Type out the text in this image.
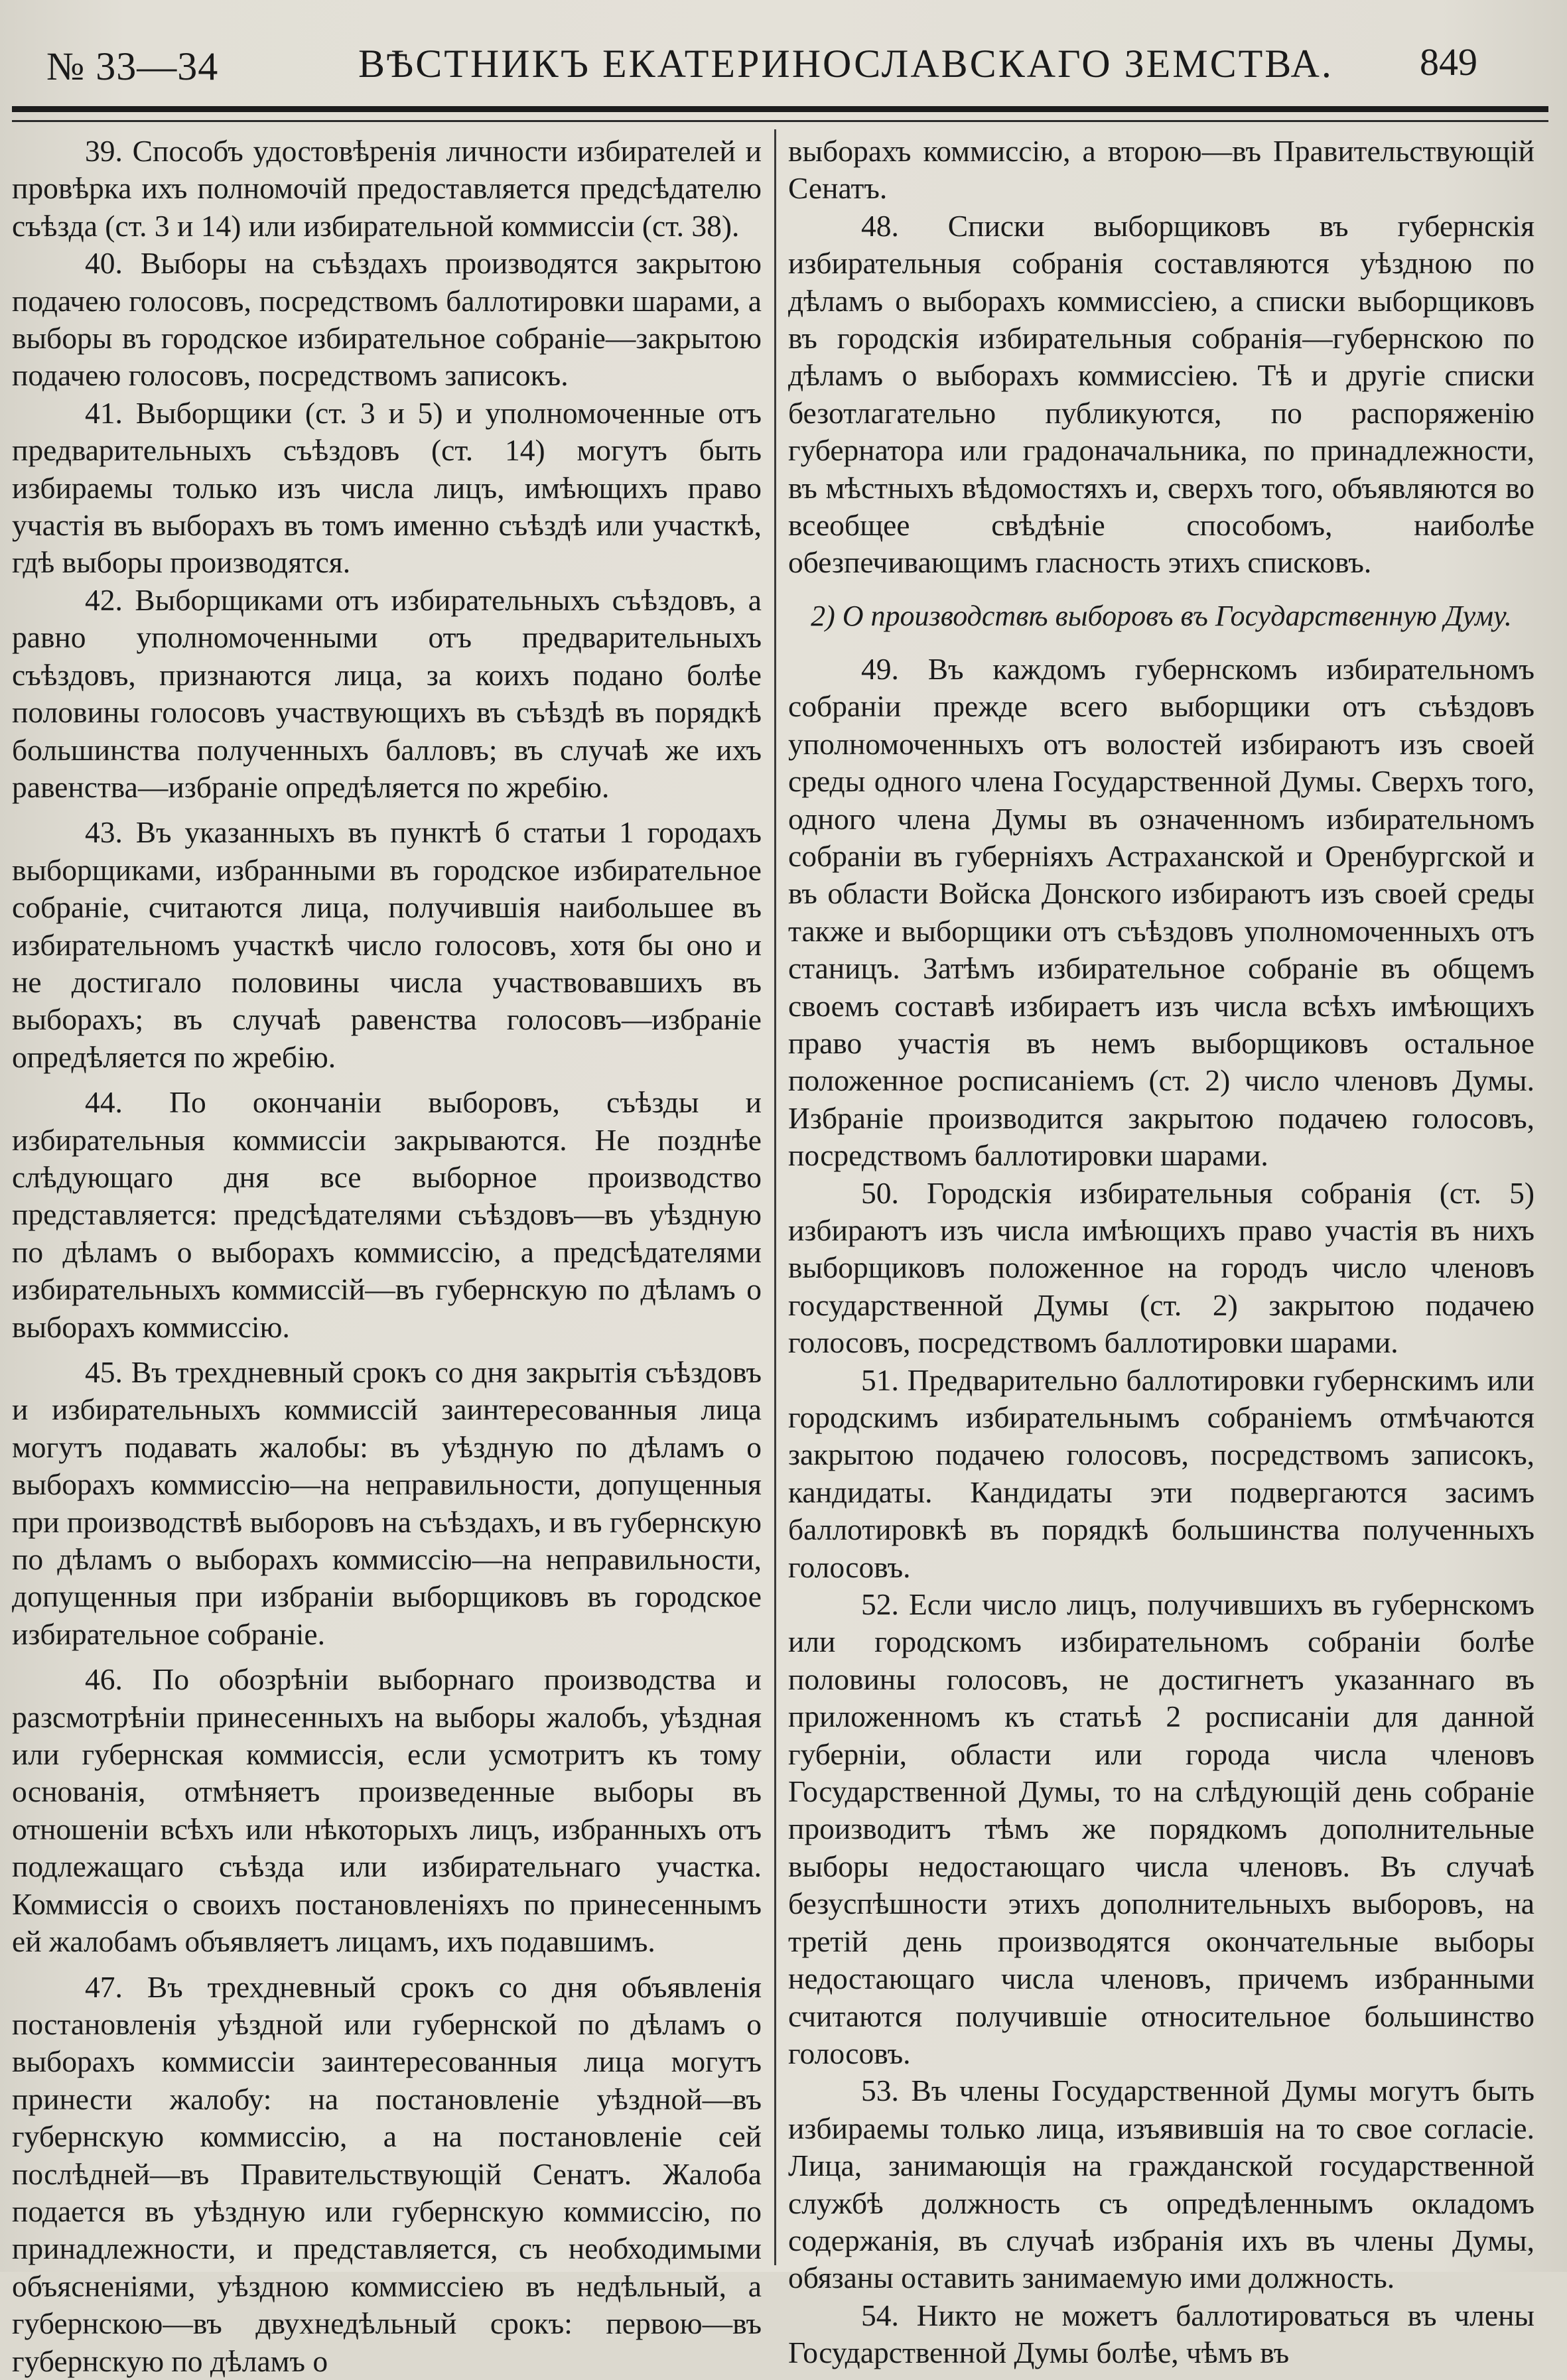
№ 33—34	ВѢСТНИКЪ ЕКАТЕРИНОСЛАВСКАГО ЗЕМСТВА. 849

39. Способъ удостовѣренія личности избирателей и провѣрка ихъ полномочій предоставляется предсѣдателю съѣзда (ст. 3 и 14) или избирательной коммиссіи (ст. 38).

40. Выборы на съѣздахъ производятся закрытою подачею голосовъ, посредствомъ баллотировки шарами, а выборы въ городское избирательное собраніе—закрытою подачею голосовъ, посредствомъ записокъ.

41. Выборщики (ст. 3 и 5) и уполномоченные отъ предварительныхъ съѣздовъ (ст. 14) могутъ быть избираемы только изъ числа лицъ, имѣющихъ право участія въ выборахъ въ томъ именно съѣздѣ или участкѣ, гдѣ выборы производятся.

42. Выборщиками отъ избирательныхъ съѣздовъ, а равно уполномоченными отъ предварительныхъ съѣздовъ, признаются лица, за коихъ подано болѣе половины голосовъ участвующихъ въ съѣздѣ въ порядкѣ большинства полученныхъ балловъ; въ случаѣ же ихъ равенства—избраніе опредѣляется по жребію.

43. Въ указанныхъ въ пунктѣ б статьи 1 городахъ выборщиками, избранными въ городское избирательное собраніе, считаются лица, получившія наибольшее въ избирательномъ участкѣ число голосовъ, хотя бы оно и не достигало половины числа участвовавшихъ въ выборахъ; въ случаѣ равенства голосовъ—избраніе опредѣляется по жребію.

44. По окончаніи выборовъ, съѣзды и избирательныя коммиссіи закрываются. Не позднѣе слѣдующаго дня все выборное производство представляется: предсѣдателями съѣздовъ—въ уѣздную по дѣламъ о выборахъ коммиссію, а предсѣдателями избирательныхъ коммиссій—въ губернскую по дѣламъ о выборахъ коммиссію.

45. Въ трехдневный срокъ со дня закрытія съѣздовъ и избирательныхъ коммиссій заинтересованныя лица могутъ подавать жалобы: въ уѣздную по дѣламъ о выборахъ коммиссію—на неправильности, допущенныя при производствѣ выборовъ на съѣздахъ, и въ губернскую по дѣламъ о выборахъ коммиссію—на неправильности, допущенныя при избраніи выборщиковъ въ городское избирательное собраніе.

46. По обозрѣніи выборнаго производства и разсмотрѣніи принесенныхъ на выборы жалобъ, уѣздная или губернская коммиссія, если усмотритъ къ тому основанія, отмѣняетъ произведенные выборы въ отношеніи всѣхъ или нѣкоторыхъ лицъ, избранныхъ отъ подлежащаго съѣзда или избирательнаго участка. Коммиссія о своихъ постановленіяхъ по принесеннымъ ей жалобамъ объявляетъ лицамъ, ихъ подавшимъ.

47. Въ трехдневный срокъ со дня объявленія постановленія уѣздной или губернской по дѣламъ о выборахъ коммиссіи заинтересованныя лица могутъ принести жалобу: на постановленіе уѣздной—въ губернскую коммиссію, а на постановленіе сей послѣдней—въ Правительствующій Сенатъ. Жалоба подается въ уѣздную или губернскую коммиссію, по принадлежности, и представляется, съ необходимыми объясненіями, уѣздною коммиссіею въ недѣльный, а губернскою—въ двухнедѣльный срокъ: первою—въ губернскую по дѣламъ о

выборахъ коммиссію, а второю—въ Правительствующій Сенатъ.

48. Списки выборщиковъ въ губернскія избирательныя собранія составляются уѣздною по дѣламъ о выборахъ коммиссіею, а списки выборщиковъ въ городскія избирательныя собранія—губернскою по дѣламъ о выборахъ коммиссіею. Тѣ и другіе списки безотлагательно публикуются, по распоряженію губернатора или градоначальника, по принадлежности, въ мѣстныхъ вѣдомостяхъ и, сверхъ того, объявляются во всеобщее свѣдѣніе способомъ, наиболѣе обезпечивающимъ гласность этихъ списковъ.

2) О производствѣ выборовъ въ Государственную Думу.

49. Въ каждомъ губернскомъ избирательномъ собраніи прежде всего выборщики отъ съѣздовъ уполномоченныхъ отъ волостей избираютъ изъ своей среды одного члена Государственной Думы. Сверхъ того, одного члена Думы въ означенномъ избирательномъ собраніи въ губерніяхъ Астраханской и Оренбургской и въ области Войска Донского избираютъ изъ своей среды также и выборщики отъ съѣздовъ уполномоченныхъ отъ станицъ. Затѣмъ избирательное собраніе въ общемъ своемъ составѣ избираетъ изъ числа всѣхъ имѣющихъ право участія въ немъ выборщиковъ остальное положенное росписаніемъ (ст. 2) число членовъ Думы. Избраніе производится закрытою подачею голосовъ, посредствомъ баллотировки шарами.

50. Городскія избирательныя собранія (ст. 5) избираютъ изъ числа имѣющихъ право участія въ нихъ выборщиковъ положенное на городъ число членовъ государственной Думы (ст. 2) закрытою подачею голосовъ, посредствомъ баллотировки шарами.

51. Предварительно баллотировки губернскимъ или городскимъ избирательнымъ собраніемъ отмѣчаются закрытою подачею голосовъ, посредствомъ записокъ, кандидаты. Кандидаты эти подвергаются засимъ баллотировкѣ въ порядкѣ большинства полученныхъ голосовъ.

52. Если число лицъ, получившихъ въ губернскомъ или городскомъ избирательномъ собраніи болѣе половины голосовъ, не достигнетъ указаннаго въ приложенномъ къ статьѣ 2 росписаніи для данной губерніи, области или города числа членовъ Государственной Думы, то на слѣдующій день собраніе производитъ тѣмъ же порядкомъ дополнительные выборы недостающаго числа членовъ. Въ случаѣ безуспѣшности этихъ дополнительныхъ выборовъ, на третій день производятся окончательные выборы недостающаго числа членовъ, причемъ избранными считаются получившіе относительное большинство голосовъ.

53. Въ члены Государственной Думы могутъ быть избираемы только лица, изъявившія на то свое согласіе. Лица, занимающія на гражданской государственной службѣ должность съ опредѣленнымъ окладомъ содержанія, въ случаѣ избранія ихъ въ члены Думы, обязаны оставить занимаемую ими должность.

54. Никто не можетъ баллотироваться въ члены Государственной Думы болѣе, чѣмъ въ
